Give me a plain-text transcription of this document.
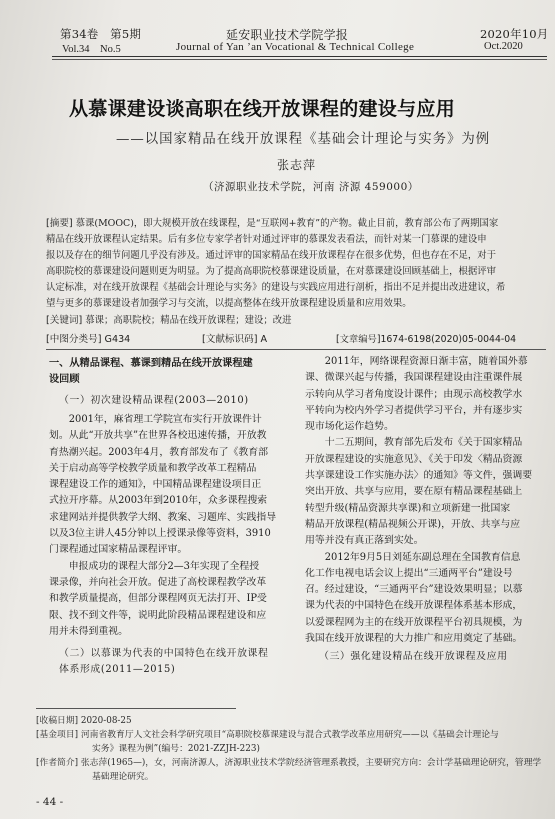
第34卷　第5期
Vol.34　No.5
延安职业技术学院学报
Journal of Yan ’an Vocational & Technical College
2020年10月
Oct.2020
从慕课建设谈高职在线开放课程的建设与应用
——以国家精品在线开放课程《基础会计理论与实务》为例
张志萍
（济源职业技术学院，河南 济源 459000）
[摘要] 慕课(MOOC)，即大规模开放在线课程，是“互联网+教育”的产物。截止目前，教育部公布了两期国家
精品在线开放课程认定结果。后有多位专家学者针对通过评审的慕课发表看法，而针对某一门慕课的建设申
报以及存在的细节问题几乎没有涉及。通过评审的国家精品在线开放课程存在很多优势，但也存在不足，对于
高职院校的慕课建设问题则更为明显。为了提高高职院校慕课建设质量，在对慕课建设回顾基础上，根据评审
认定标准，对在线开放课程《基础会计理论与实务》的建设与实践应用进行剖析，指出不足并提出改进建议，希
望与更多的慕课建设者加强学习与交流，以提高整体在线开放课程建设质量和应用效果。
[关键词] 慕课；高职院校；精品在线开放课程；建设；改进
[中图分类号] G434	[文献标识码] A	[文章编号]1674-6198(2020)05-0044-04
一、从精品课程、慕课到精品在线开放课程建
设回顾
（一）初次建设精品课程(2003—2010)
　　2001年，麻省理工学院宣布实行开放课件计
划。从此“开放共享”在世界各校迅速传播，开放教
育热潮兴起。2003年4月，教育部发布了《教育部
关于启动高等学校教学质量和教学改革工程精品
课程建设工作的通知》，中国精品课程建设项目正
式拉开序幕。从2003年到2010年，众多课程搜索
求建网站并提供教学大纲、教案、习题库、实践指导
以及3位主讲人45分钟以上授课录像等资料，3910
门课程通过国家精品课程评审。
　　申报成功的课程大部分2—3年实现了全程授
课录像，并向社会开放。促进了高校课程教学改革
和教学质量提高，但部分课程网页无法打开、IP受
限、找不到文件等，说明此阶段精品课程建设和应
用并未得到重视。
（二）以慕课为代表的中国特色在线开放课程
体系形成(2011—2015)
　　2011年，网络课程资源日渐丰富，随着国外慕
课、微课兴起与传播，我国课程建设由注重课件展
示转向从学习者角度设计课件；由现示高校教学水
平转向为校内外学习者提供学习平台，并有逐步实
现市场化运作趋势。
　　十二五期间，教育部先后发布《关于国家精品
开放课程建设的实施意见》、《关于印发〈精品资源
共享课建设工作实施办法〉的通知》等文件，强调要
突出开放、共享与应用，要在原有精品课程基础上
转型升级(精品资源共享课)和立项新建一批国家
精品开放课程(精品视频公开课)，开放、共享与应
用等并没有真正落到实处。
　　2012年9月5日刘延东副总理在全国教育信息
化工作电视电话会议上提出“三通两平台”建设号
召。经过建设，“三通两平台”建设效果明显；以慕
课为代表的中国特色在线开放课程体系基本形成，
以爱课程网为主的在线开放课程平台初具规模，为
我国在线开放课程的大力推广和应用奠定了基础。
（三）强化建设精品在线开放课程及应用
[收稿日期] 2020-08-25
[基金项目] 河南省教育厅人文社会科学研究项目“高职院校慕课建设与混合式教学改革应用研究——以《基础会计理论与
实务》课程为例”(编号：2021-ZZJH-223)
[作者简介] 张志萍(1965—)，女，河南济源人，济源职业技术学院经济管理系教授，主要研究方向：会计学基础理论研究，管理学
基础理论研究。
- 44 -
